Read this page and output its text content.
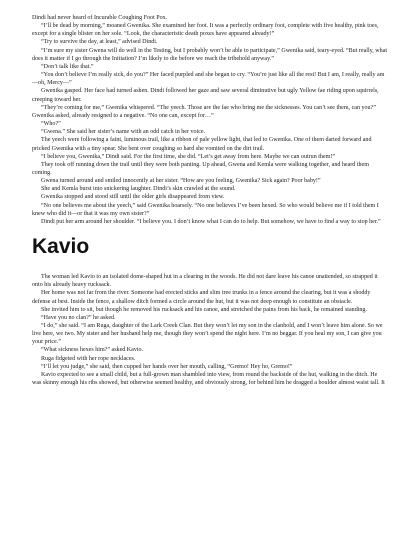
Dindi had never heard of Incurable Coughing Foot Pox.

“I’ll be dead by morning,” moaned Gwenika. She examined her foot. It was a perfectly ordinary foot, complete with five healthy, pink toes, except for a single blister on her sole. “Look, the characteristic death poxes have appeared already!”

“Try to survive the day, at least,” advised Dindi.

“I’m sure my sister Gwena will do well in the Testing, but I probably won’t be able to participate,” Gwenika said, teary-eyed. “But really, what does it matter if I go through the Initiation? I’m likely to die before we reach the tribehold anyway.”

“Don’t talk like that.”

“You don’t believe I’m really sick, do you?” Her faced purpled and she began to cry. “You’re just like all the rest! But I am, I really, really am—oh, Mercy—”

Gwenika gasped. Her face had turned ashen. Dindi followed her gaze and saw several diminutive but ugly Yellow fae riding upon squirrels, creeping toward her.

“They’re coming for me,” Gwenika whispered. “The yeech. Those are the fae who bring me the sicknesses. You can’t see them, can you?” Gwenika asked, already resigned to a negative. “No one can, except for…”

“Who?”

“Gwena.” She said her sister’s name with an odd catch in her voice.

The yeech were following a faint, luminous trail, like a ribbon of pale yellow light, that led to Gwenika. One of them darted forward and pricked Gwenika with a tiny spear. She bent over coughing so hard she vomited on the dirt trail.

“I believe you, Gwenika,” Dindi said. For the first time, she did. “Let’s get away from here. Maybe we can outrun them!”

They took off running down the trail until they were both panting. Up ahead, Gwena and Kemla were walking together, and heard them coming.

Gwena turned around and smiled innocently at her sister. “How are you feeling, Gwenika? Sick again? Poor baby!”

She and Kemla burst into snickering laughter. Dindi’s skin crawled at the sound.

Gwenika stopped and stood still until the older girls disappeared from view.

“No one believes me about the yeech,” said Gwenika hoarsely. “No one believes I’ve been hexed. So who would believe me if I told them I knew who did it—or that it was my own sister?”

Dindi put her arm around her shoulder. “I believe you. I don’t know what I can do to help. But somehow, we have to find a way to stop her.”

Kavio

The woman led Kavio to an isolated dome-shaped hut in a clearing in the woods. He did not dare leave his canoe unattended, so strapped it onto his already heavy rucksack.

Her home was not far from the river. Someone had erected sticks and slim tree trunks in a fence around the clearing, but it was a shoddy defense at best. Inside the fence, a shallow ditch formed a circle around the hut, but it was not deep enough to constitute an obstacle.

She invited him to sit, but though he removed his rucksack and his canoe, and stretched the pains from his back, he remained standing.

“Have you no clan?” he asked.

“I do,” she said. “I am Ruga, daughter of the Lark Creek Clan. But they won’t let my son in the clanhold, and I won’t leave him alone. So we live here, we two. My sister and her husband help me, though they won’t spend the night here. I’m no beggar. If you heal my son, I can give you your price.”

“What sickness hexes him?” asked Kavio.

Ruga fidgeted with her rope necklaces.

“I’ll let you judge,” she said, then cupped her hands over her mouth, calling, “Gremo! Hey ho, Gremo!”

Kavio expected to see a small child, but a full-grown man shambled into view, from round the backside of the hut, walking in the ditch. He was skinny enough his ribs showed, but otherwise seemed healthy, and obviously strong, for behind him he dragged a boulder almost waist tall. It
